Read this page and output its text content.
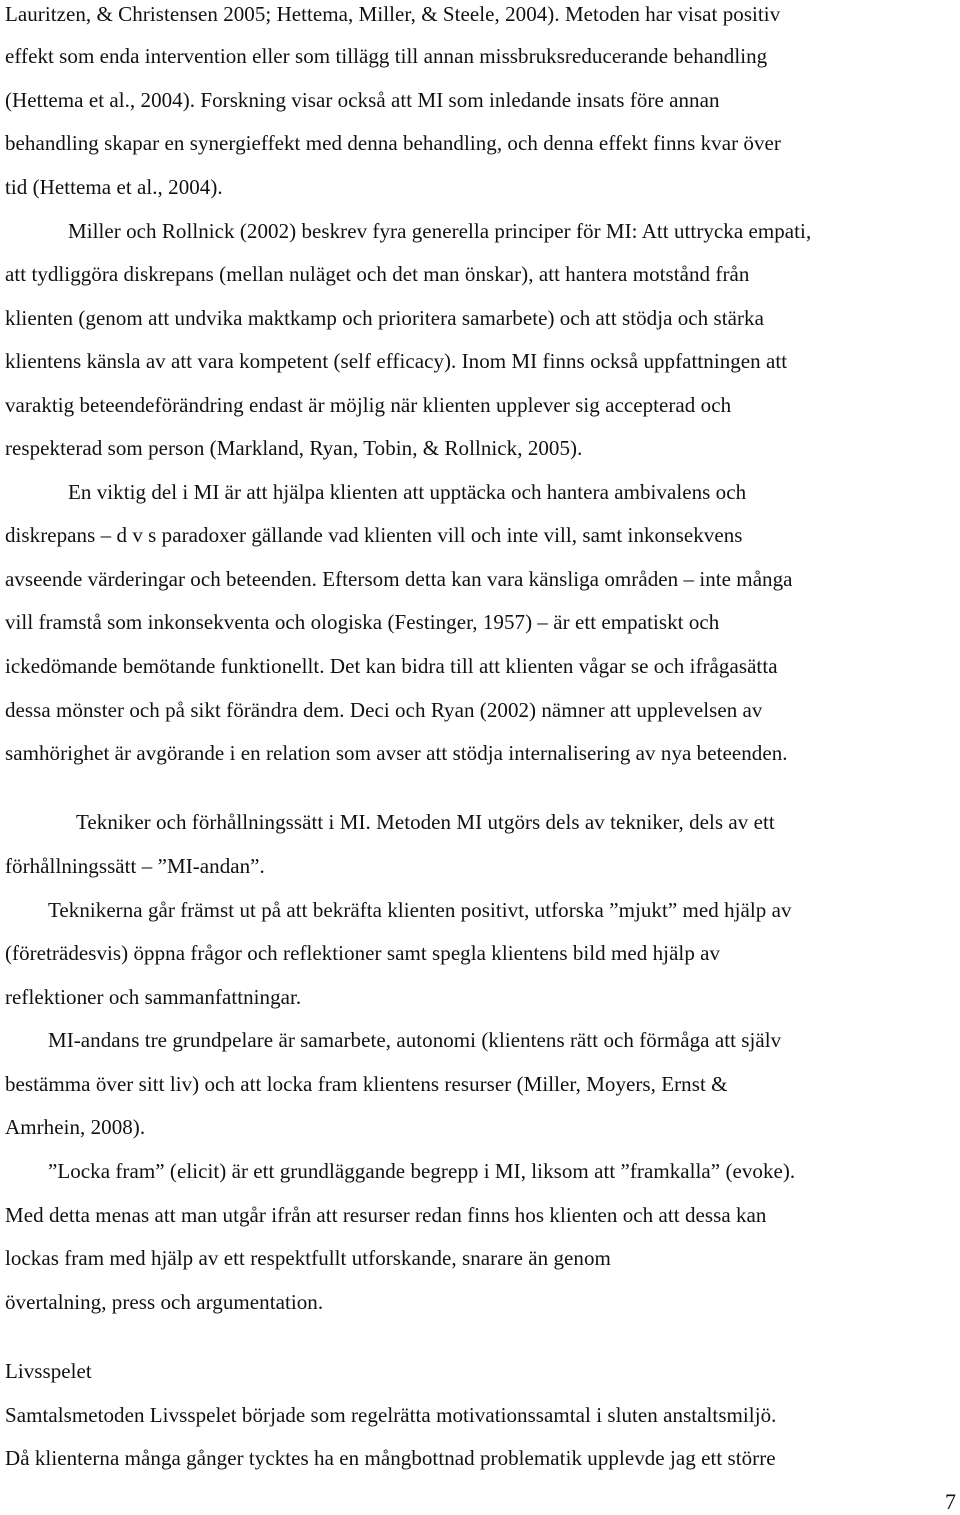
Lauritzen, & Christensen 2005; Hettema, Miller, & Steele, 2004). Metoden har visat positiv
effekt som enda intervention eller som tillägg till annan missbruksreducerande behandling
(Hettema et al., 2004). Forskning visar också att MI som inledande insats före annan
behandling skapar en synergieffekt med denna behandling, och denna effekt finns kvar över
tid (Hettema et al., 2004).
Miller och Rollnick (2002) beskrev fyra generella principer för MI: Att uttrycka empati,
att tydliggöra diskrepans (mellan nuläget och det man önskar), att hantera motstånd från
klienten (genom att undvika maktkamp och prioritera samarbete) och att stödja och stärka
klientens känsla av att vara kompetent (self efficacy). Inom MI finns också uppfattningen att
varaktig beteendeförändring endast är möjlig när klienten upplever sig accepterad och
respekterad som person (Markland, Ryan, Tobin, & Rollnick, 2005).
En viktig del i MI är att hjälpa klienten att upptäcka och hantera ambivalens och
diskrepans – d v s paradoxer gällande vad klienten vill och inte vill, samt inkonsekvens
avseende värderingar och beteenden. Eftersom detta kan vara känsliga områden – inte många
vill framstå som inkonsekventa och ologiska (Festinger, 1957) – är ett empatiskt och
ickedömande bemötande funktionellt. Det kan bidra till att klienten vågar se och ifrågasätta
dessa mönster och på sikt förändra dem. Deci och Ryan (2002) nämner att upplevelsen av
samhörighet är avgörande i en relation som avser att stödja internalisering av nya beteenden.
Tekniker och förhållningssätt i MI. Metoden MI utgörs dels av tekniker, dels av ett
förhållningssätt – ”MI-andan”.
Teknikerna går främst ut på att bekräfta klienten positivt, utforska ”mjukt” med hjälp av
(företrädesvis) öppna frågor och reflektioner samt spegla klientens bild med hjälp av
reflektioner och sammanfattningar.
MI-andans tre grundpelare är samarbete, autonomi (klientens rätt och förmåga att själv
bestämma över sitt liv) och att locka fram klientens resurser (Miller, Moyers, Ernst &
Amrhein, 2008).
”Locka fram” (elicit) är ett grundläggande begrepp i MI, liksom att ”framkalla” (evoke).
Med detta menas att man utgår ifrån att resurser redan finns hos klienten och att dessa kan
lockas fram med hjälp av ett respektfullt utforskande, snarare än genom
övertalning, press och argumentation.
Livsspelet
Samtalsmetoden Livsspelet började som regelrätta motivationssamtal i sluten anstaltsmiljö.
Då klienterna många gånger tycktes ha en mångbottnad problematik upplevde jag ett större
7
